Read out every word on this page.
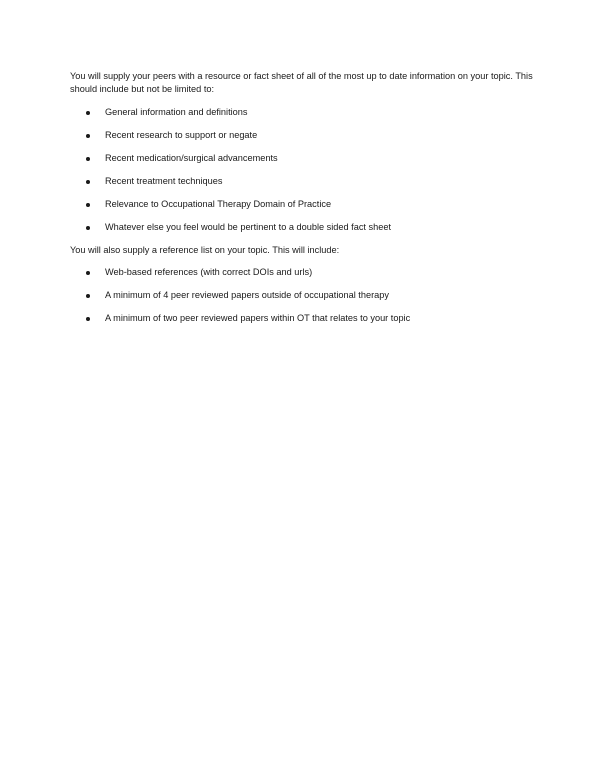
You will supply your peers with a resource or fact sheet of all of the most up to date information on your topic. This should include but not be limited to:

General information and definitions
Recent research to support or negate
Recent medication/surgical advancements
Recent treatment techniques
Relevance to Occupational Therapy Domain of Practice
Whatever else you feel would be pertinent to a double sided fact sheet

You will also supply a reference list on your topic. This will include:

Web-based references (with correct DOIs and urls)
A minimum of 4 peer reviewed papers outside of occupational therapy
A minimum of two peer reviewed papers within OT that relates to your topic
